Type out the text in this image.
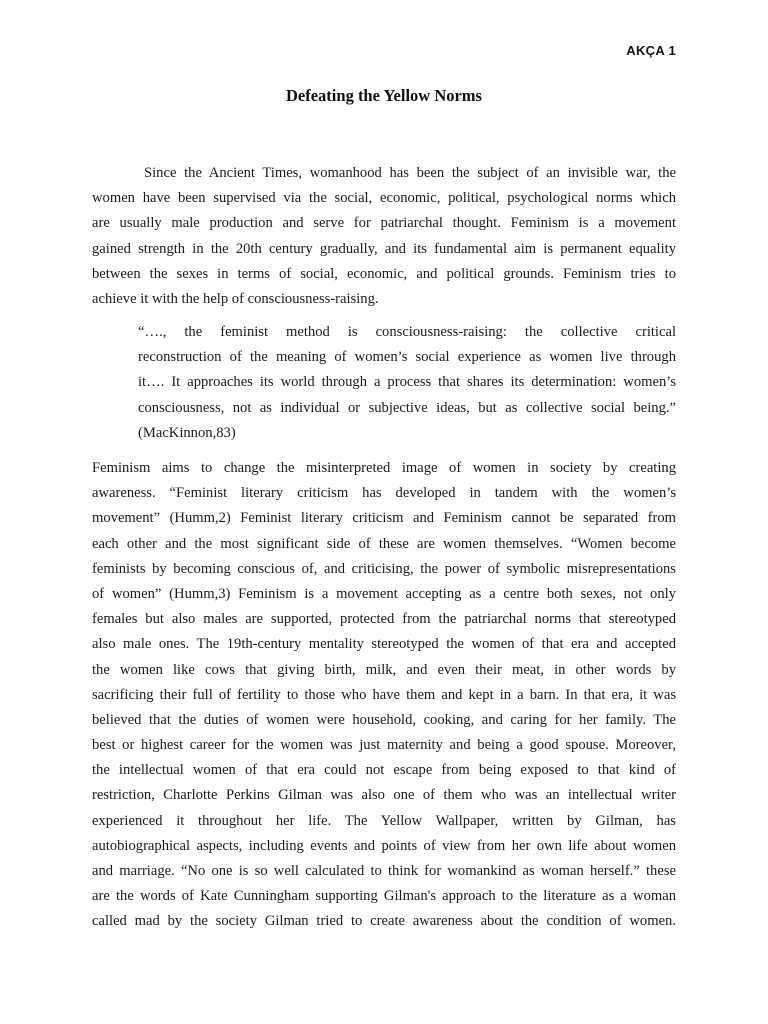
AKÇA 1
Defeating the Yellow Norms
Since the Ancient Times, womanhood has been the subject of an invisible war, the
women have been supervised via the social, economic, political, psychological norms which
are usually male production and serve for patriarchal thought. Feminism is a movement
gained strength in the 20th century gradually, and its fundamental aim is permanent equality
between the sexes in terms of social, economic, and political grounds. Feminism tries to
achieve it with the help of consciousness-raising.
“…., the feminist method is consciousness-raising: the collective critical
reconstruction of the meaning of women’s social experience as women live through
it…. It approaches its world through a process that shares its determination: women’s
consciousness, not as individual or subjective ideas, but as collective social being.”
(MacKinnon,83)
Feminism aims to change the misinterpreted image of women in society by creating
awareness. “Feminist literary criticism has developed in tandem with the women’s
movement” (Humm,2) Feminist literary criticism and Feminism cannot be separated from
each other and the most significant side of these are women themselves. “Women become
feminists by becoming conscious of, and criticising, the power of symbolic misrepresentations
of women” (Humm,3) Feminism is a movement accepting as a centre both sexes, not only
females but also males are supported, protected from the patriarchal norms that stereotyped
also male ones. The 19th-century mentality stereotyped the women of that era and accepted
the women like cows that giving birth, milk, and even their meat, in other words by
sacrificing their full of fertility to those who have them and kept in a barn. In that era, it was
believed that the duties of women were household, cooking, and caring for her family. The
best or highest career for the women was just maternity and being a good spouse. Moreover,
the intellectual women of that era could not escape from being exposed to that kind of
restriction, Charlotte Perkins Gilman was also one of them who was an intellectual writer
experienced it throughout her life. The Yellow Wallpaper, written by Gilman, has
autobiographical aspects, including events and points of view from her own life about women
and marriage. “No one is so well calculated to think for womankind as woman herself.” these
are the words of Kate Cunningham supporting Gilman's approach to the literature as a woman
called mad by the society Gilman tried to create awareness about the condition of women.
